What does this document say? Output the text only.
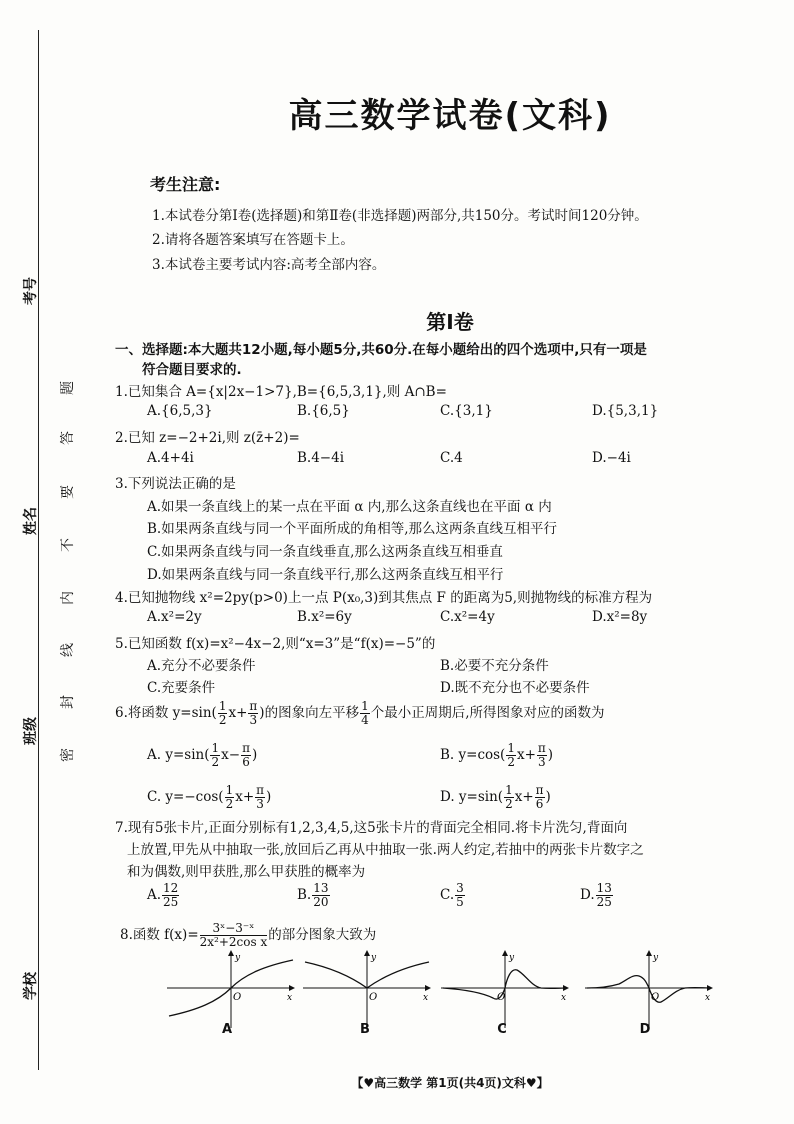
考号
姓名
班级
学校
题
答
要
不
内
线
封
密
高三数学试卷(文科)
考生注意:
1.本试卷分第Ⅰ卷(选择题)和第Ⅱ卷(非选择题)两部分,共150分。考试时间120分钟。
2.请将各题答案填写在答题卡上。
3.本试卷主要考试内容:高考全部内容。
第Ⅰ卷
一、选择题:本大题共12小题,每小题5分,共60分.在每小题给出的四个选项中,只有一项是
符合题目要求的.
1.已知集合 A={x|2x−1>7},B={6,5,3,1},则 A∩B=
A.{6,5,3}	B.{6,5}	C.{3,1}	D.{5,3,1}
2.已知 z=−2+2i,则 z(z̄+2)=
A.4+4i	B.4−4i	C.4	D.−4i
3.下列说法正确的是
A.如果一条直线上的某一点在平面 α 内,那么这条直线也在平面 α 内
B.如果两条直线与同一个平面所成的角相等,那么这两条直线互相平行
C.如果两条直线与同一条直线垂直,那么这两条直线互相垂直
D.如果两条直线与同一条直线平行,那么这两条直线互相平行
4.已知抛物线 x²=2py(p>0)上一点 P(x₀,3)到其焦点 F 的距离为5,则抛物线的标准方程为
A.x²=2y	B.x²=6y	C.x²=4y	D.x²=8y
5.已知函数 f(x)=x²−4x−2,则“x=3”是“f(x)=−5”的
A.充分不必要条件	B.必要不充分条件
C.充要条件	D.既不充分也不必要条件
6.将函数 $y=\sin( \frac{1}{2} x+ \frac{\pi}{3}$ )的图象向左平移 $\frac{1}{4}$ 个最小正周期后,所得图象对应的函数为
A. $y=\sin( \frac{1}{2} x- \frac{\pi}{6}$ )	B. $y=\cos( \frac{1}{2} x+ \frac{\pi}{3}$ )
C. $y=-\cos( \frac{1}{2} x+ \frac{\pi}{3}$ )	D. $y=\sin( \frac{1}{2} x+ \frac{\pi}{6}$ )
7.现有5张卡片,正面分别标有1,2,3,4,5,这5张卡片的背面完全相同.将卡片洗匀,背面向
上放置,甲先从中抽取一张,放回后乙再从中抽取一张.两人约定,若抽中的两张卡片数字之
和为偶数,则甲获胜,那么甲获胜的概率为
A. $\frac{12}{25}$	B. $\frac{13}{20}$	C. $\frac{3}{5}$	D. $\frac{13}{25}$
8.函数 $f(x)= \frac{\text{3ˣ−3⁻ˣ}}{\text{2x²+2cos x}}$ 的部分图象大致为
y
x
O
A
y
x
O
B
y
x
O
C
y
x
O
D
【♥高三数学 第1页(共4页)文科♥】
